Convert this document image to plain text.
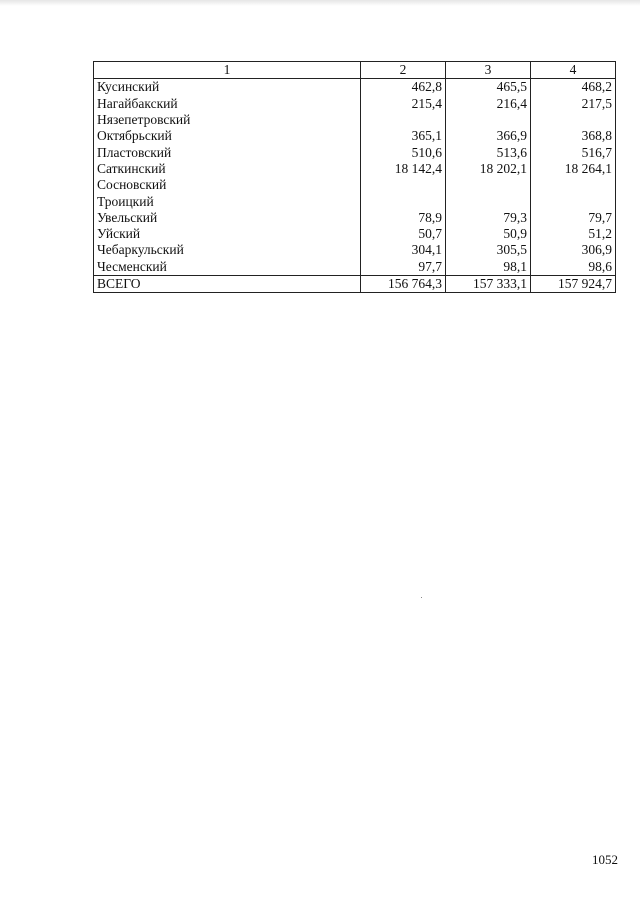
1	2	3	4
Кусинский	462,8	465,5	468,2
Нагайбакский	215,4	216,4	217,5
Нязепетровский			
Октябрьский	365,1	366,9	368,8
Пластовский	510,6	513,6	516,7
Саткинский	18 142,4	18 202,1	18 264,1
Сосновский			
Троицкий			
Увельский	78,9	79,3	79,7
Уйский	50,7	50,9	51,2
Чебаркульский	304,1	305,5	306,9
Чесменский	97,7	98,1	98,6
ВСЕГО	156 764,3	157 333,1	157 924,7
1052
